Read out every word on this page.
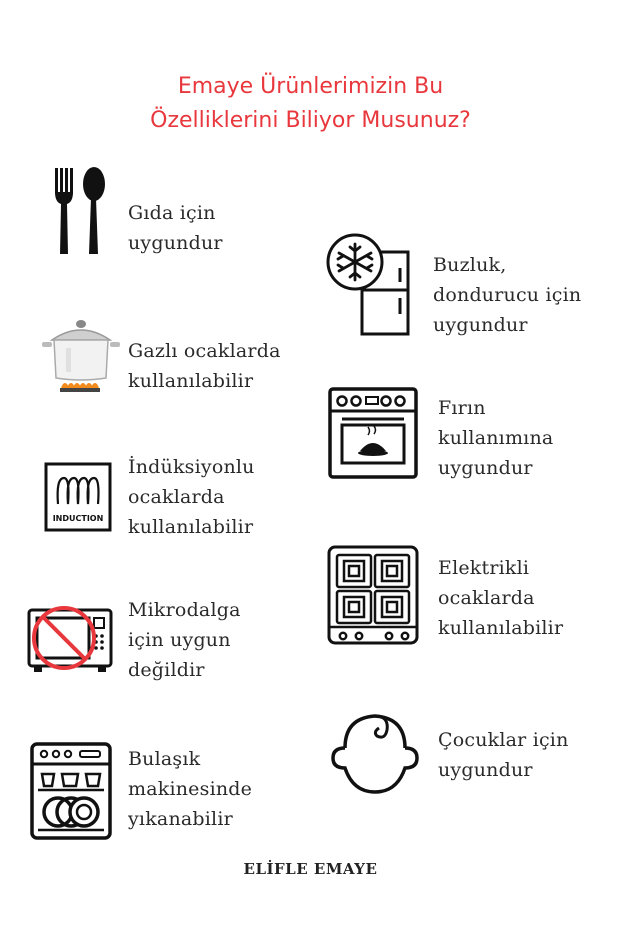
Emaye Ürünlerimizin Bu
Özelliklerini Biliyor Musunuz?
Gıda için
uygundur
Gazlı ocaklarda
kullanılabilir
INDUCTION
İndüksiyonlu
ocaklarda
kullanılabilir
Mikrodalga
için uygun
değildir
Bulaşık
makinesinde
yıkanabilir
Buzluk,
dondurucu için
uygundur
Fırın
kullanımına
uygundur
Elektrikli
ocaklarda
kullanılabilir
Çocuklar için
uygundur
ELİFLE EMAYE
